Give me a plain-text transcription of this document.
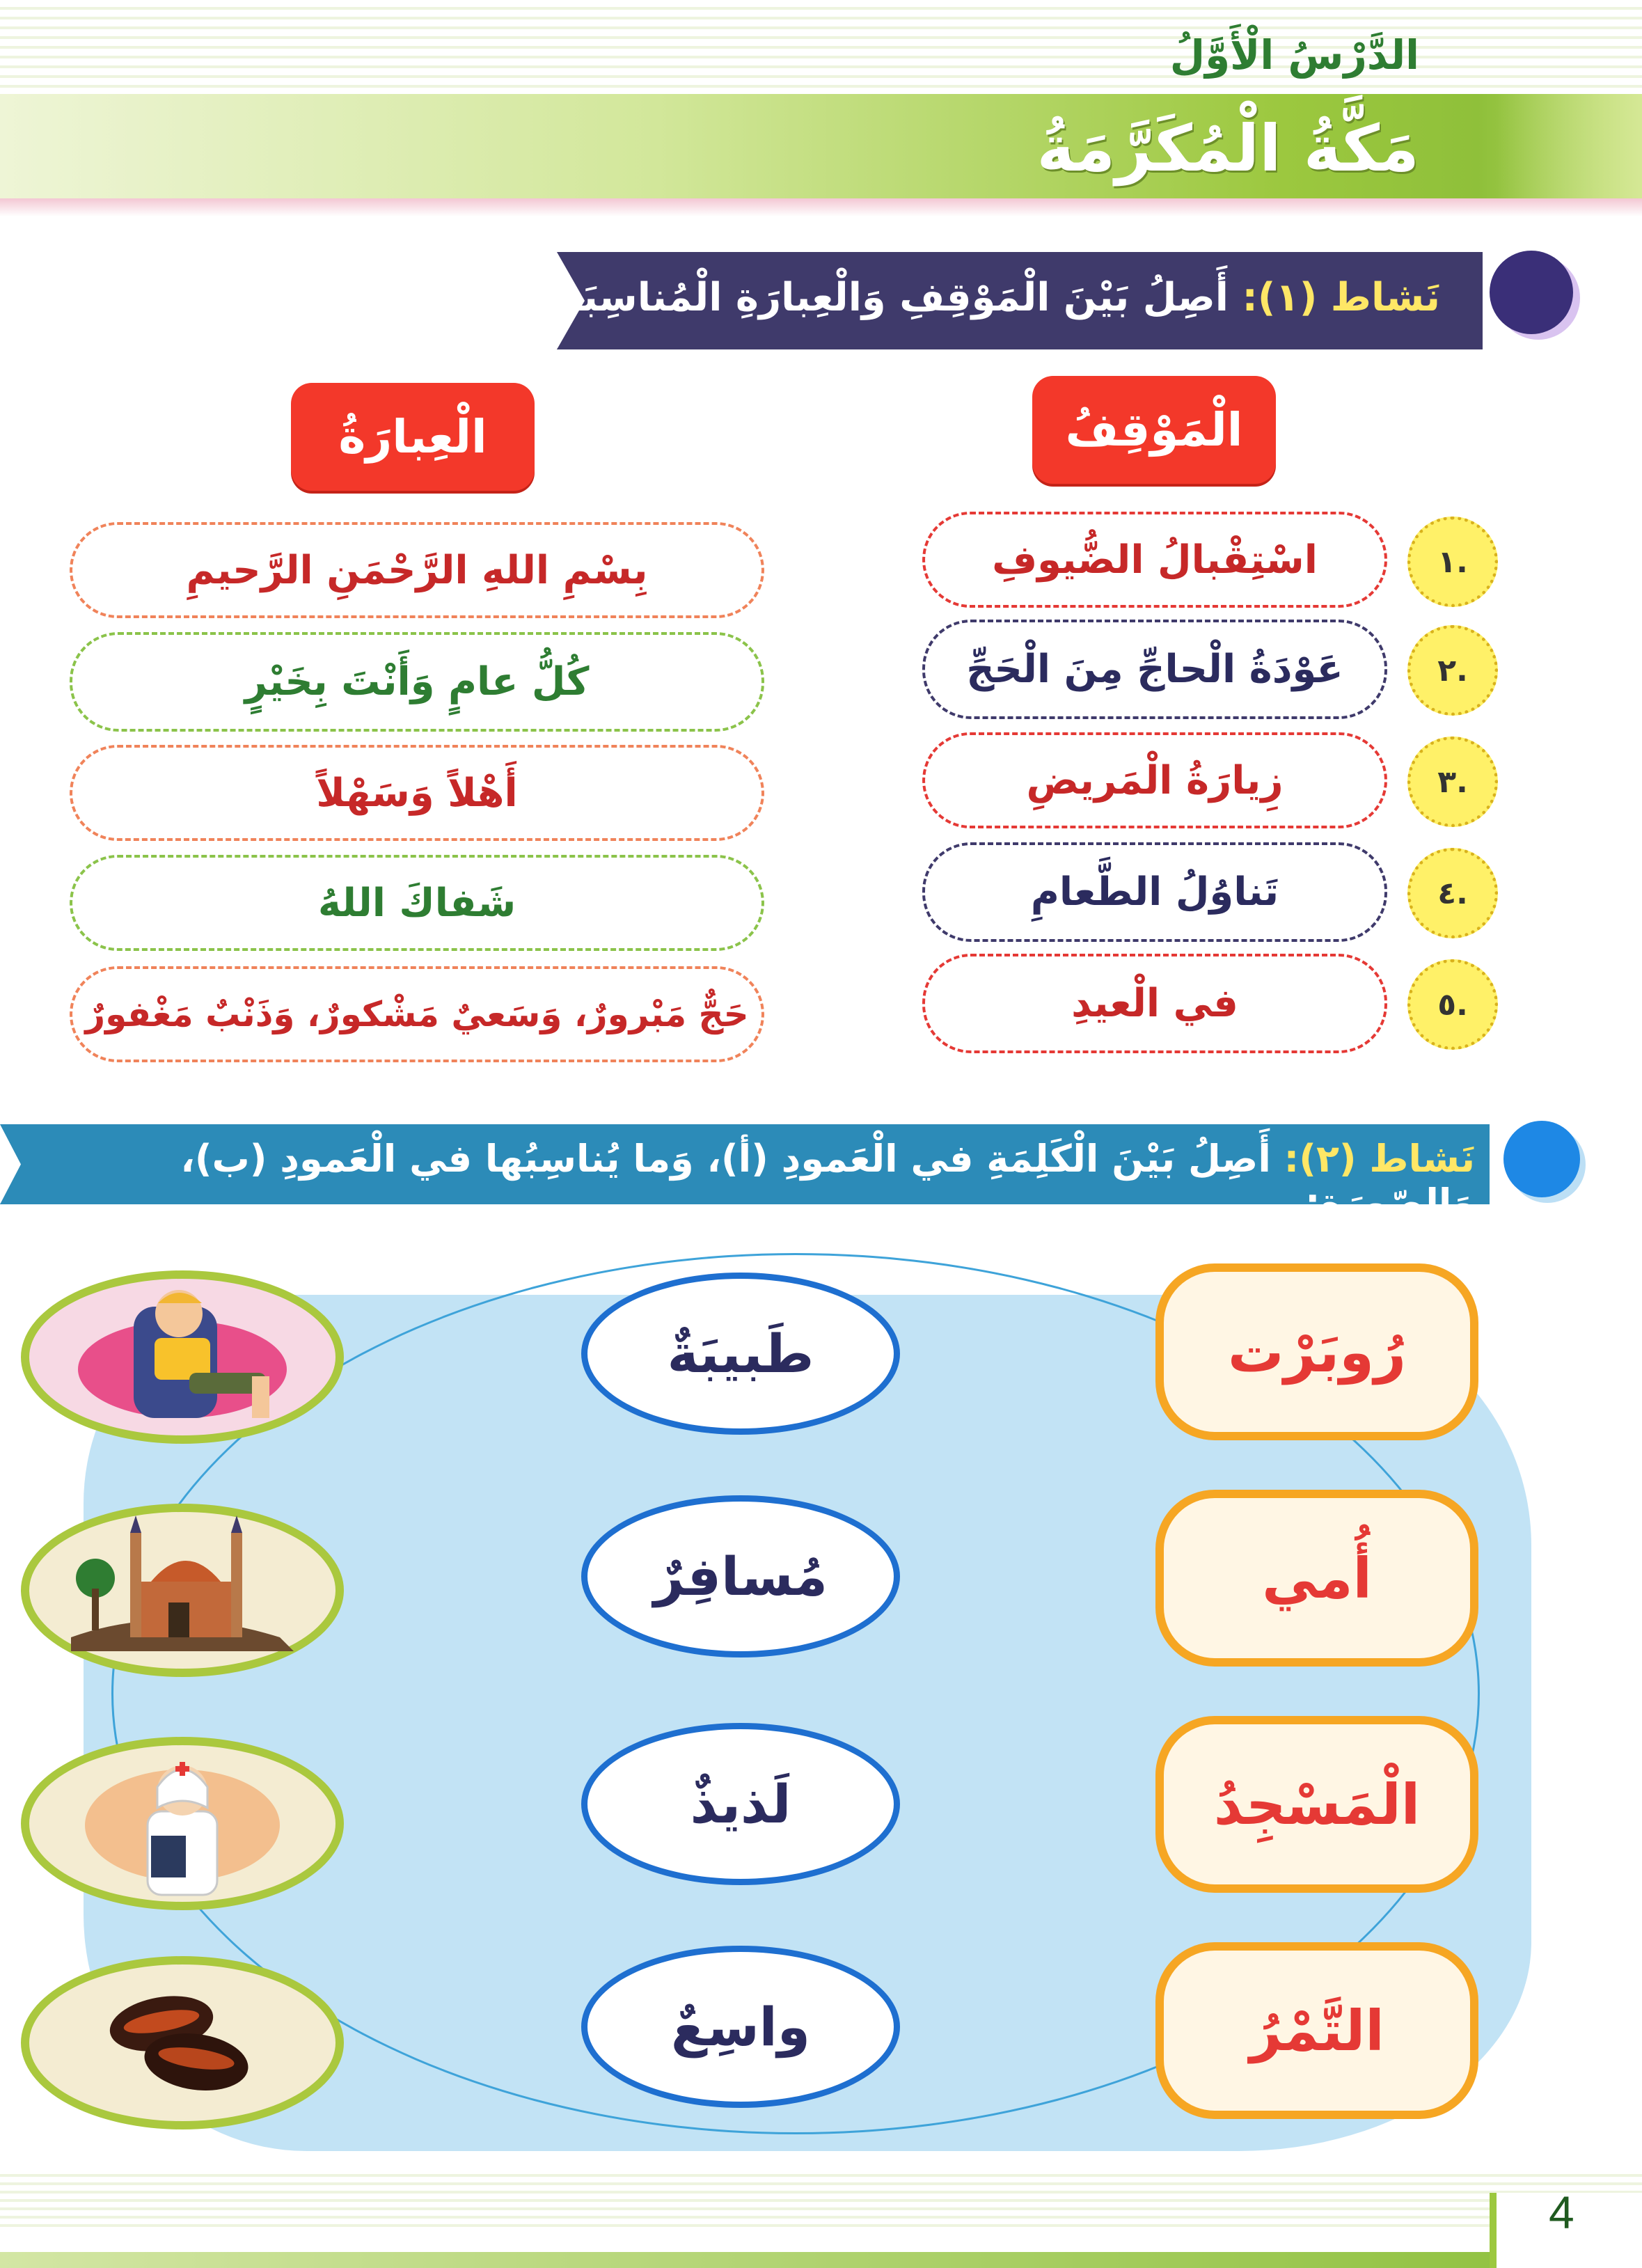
الدَّرْسُ الْأَوَّلُ
مَكَّةُ الْمُكَرَّمَةُ
نَشاط (١): أَصِلُ بَيْنَ الْمَوْقِفِ وَالْعِبارَةِ الْمُناسِبَةِ :
الْمَوْقِفُ
الْعِبارَةُ
١.
اسْتِقْبالُ الضُّيوفِ
٢.
عَوْدَةُ الْحاجِّ مِنَ الْحَجِّ
٣.
زِيارَةُ الْمَريضِ
٤.
تَناوُلُ الطَّعامِ
٥.
في الْعيدِ
بِسْمِ اللهِ الرَّحْمَنِ الرَّحيمِ
كُلُّ عامٍ وَأَنْتَ بِخَيْرٍ
أَهْلاً وَسَهْلاً
شَفاكَ اللهُ
حَجٌّ مَبْرورٌ، وَسَعيٌ مَشْكورٌ، وَذَنْبٌ مَغْفورٌ
نَشاط (٢): أَصِلُ بَيْنَ الْكَلِمَةِ في الْعَمودِ (أ)، وَما يُناسِبُها في الْعَمودِ (ب)، وَالصّورَةِ:
رُوبَرْت
أُمي
الْمَسْجِدُ
التَّمْرُ
طَبيبَةٌ
مُسافِرٌ
لَذيذٌ
واسِعٌ
4
